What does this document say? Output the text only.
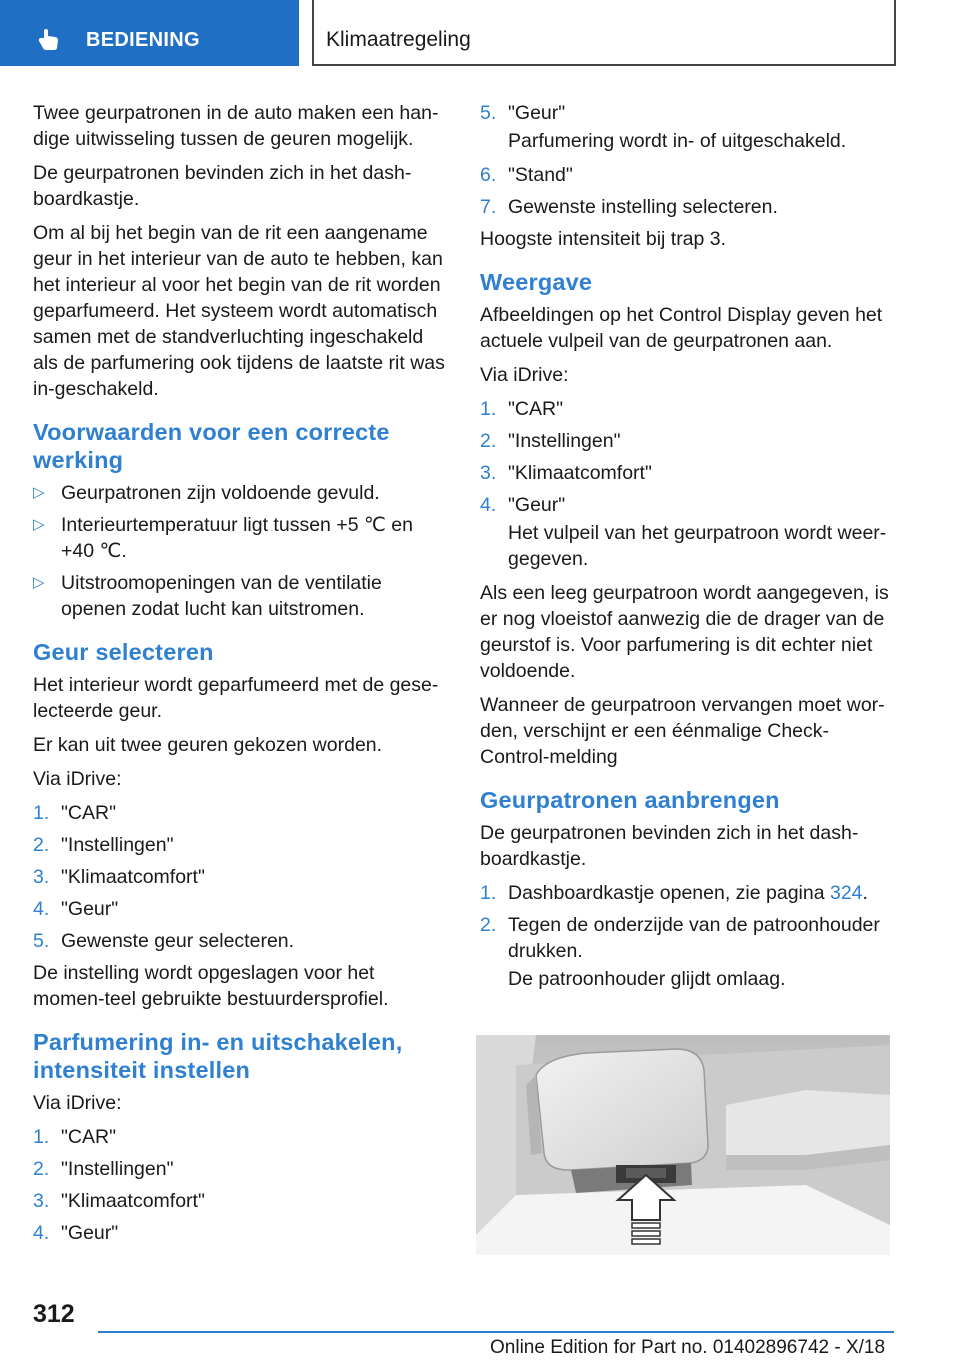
BEDIENING	Klimaatregeling

Twee geurpatronen in de auto maken een han‐dige uitwisseling tussen de geuren mogelijk.

De geurpatronen bevinden zich in het dash‐boardkastje.

Om al bij het begin van de rit een aangename geur in het interieur van de auto te hebben, kan het interieur al voor het begin van de rit worden geparfumeerd. Het systeem wordt automatisch samen met de standverluchting ingeschakeld als de parfumering ook tijdens de laatste rit was in‐geschakeld.

Voorwaarden voor een correcte werking
▷ Geurpatronen zijn voldoende gevuld.
▷ Interieurtemperatuur ligt tussen +5 ℃ en +40 ℃.
▷ Uitstroomopeningen van de ventilatie openen zodat lucht kan uitstromen.
Geur selecteren

Het interieur wordt geparfumeerd met de gese‐lecteerde geur.

Er kan uit twee geuren gekozen worden.

Via iDrive:

1. "CAR"
2. "Instellingen"
3. "Klimaatcomfort"
4. "Geur"
5. Gewenste geur selecteren.

De instelling wordt opgeslagen voor het momen‐teel gebruikte bestuurdersprofiel.

Parfumering in- en uitschakelen, intensiteit instellen

Via iDrive:

1. "CAR"
2. "Instellingen"
3. "Klimaatcomfort"
4. "Geur"
5. "Geur"
Parfumering wordt in- of uitgeschakeld.
6. "Stand"
7. Gewenste instelling selecteren.

Hoogste intensiteit bij trap 3.

Weergave

Afbeeldingen op het Control Display geven het actuele vulpeil van de geurpatronen aan.

Via iDrive:

1. "CAR"
2. "Instellingen"
3. "Klimaatcomfort"
4. "Geur"
Het vulpeil van het geurpatroon wordt weer‐gegeven.

Als een leeg geurpatroon wordt aangegeven, is er nog vloeistof aanwezig die de drager van de geurstof is. Voor parfumering is dit echter niet voldoende.

Wanneer de geurpatroon vervangen moet wor‐den, verschijnt er een éénmalige Check-Control-melding

Geurpatronen aanbrengen

De geurpatronen bevinden zich in het dash‐boardkastje.

1. Dashboardkastje openen, zie pagina 324.
2. Tegen de onderzijde van de patroonhouder drukken.
De patroonhouder glijdt omlaag.
312
Online Edition for Part no. 01402896742 - X/18
